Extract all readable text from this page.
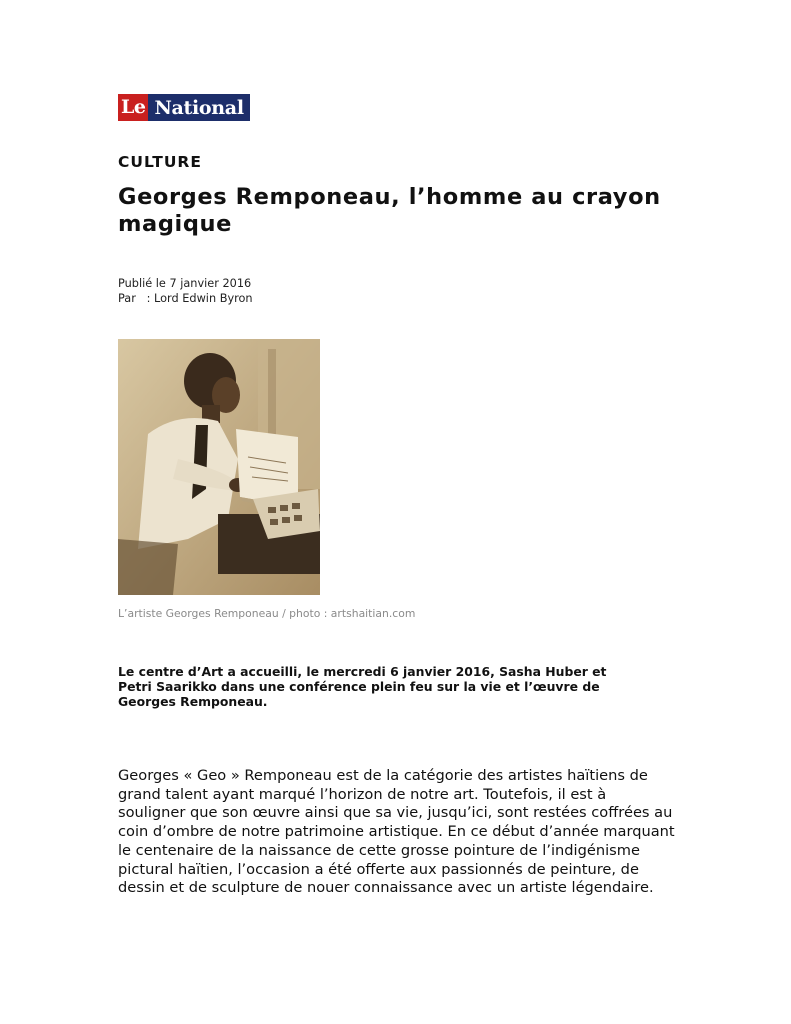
Le National
CULTURE
Georges Remponeau, l’homme au crayon magique
Publié le 7 janvier 2016
Par   : Lord Edwin Byron
L’artiste Georges Remponeau / photo : artshaitian.com
Le centre d’Art a accueilli, le mercredi 6 janvier 2016, Sasha Huber et Petri Saarikko dans une conférence plein feu sur la vie et l’œuvre de Georges Remponeau.
Georges « Geo » Remponeau est de la catégorie des artistes haïtiens de grand talent ayant marqué l’horizon de notre art. Toutefois, il est à souligner que son œuvre ainsi que sa vie, jusqu’ici, sont restées coffrées au coin d’ombre de notre patrimoine artistique. En ce début d’année marquant le centenaire de la naissance de cette grosse pointure de l’indigénisme pictural haïtien, l’occasion a été offerte aux passionnés de peinture, de dessin et de sculpture de nouer connaissance avec un artiste légendaire.
